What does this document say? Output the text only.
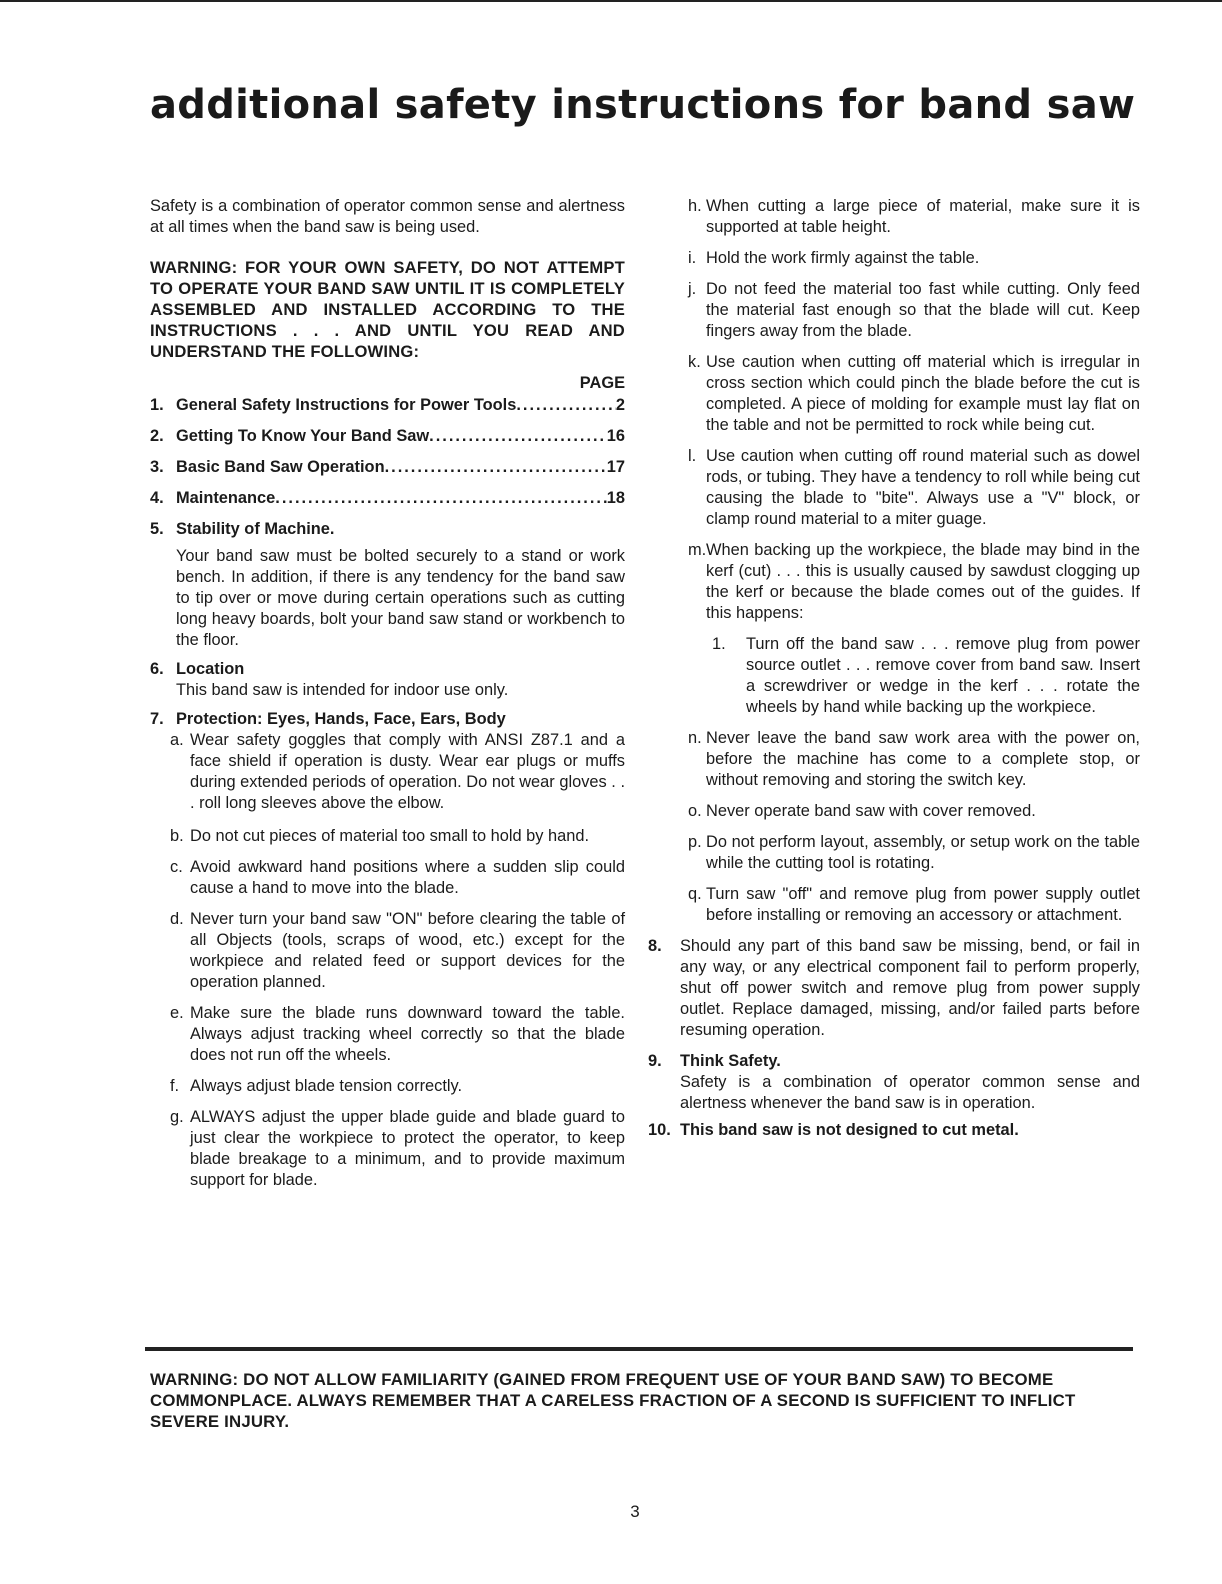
additional safety instructions for band saw

Safety is a combination of operator common sense and alertness at all times when the band saw is being used.

WARNING: FOR YOUR OWN SAFETY, DO NOT ATTEMPT TO OPERATE YOUR BAND SAW UNTIL IT IS COMPLETELY ASSEMBLED AND INSTALLED ACCORDING TO THE INSTRUCTIONS . . . AND UNTIL YOU READ AND UNDERSTAND THE FOLLOWING:

PAGE
1. General Safety Instructions for Power Tools .....	2
2. Getting To Know Your Band Saw .....	16
3. Basic Band Saw Operation .....	17
4. Maintenance .....	18
5. Stability of Machine.

Your band saw must be bolted securely to a stand or work bench. In addition, if there is any tendency for the band saw to tip over or move during certain operations such as cutting long heavy boards, bolt your band saw stand or workbench to the floor.

6. Location

This band saw is intended for indoor use only.

7. Protection: Eyes, Hands, Face, Ears, Body
a. Wear safety goggles that comply with ANSI Z87.1 and a face shield if operation is dusty. Wear ear plugs or muffs during extended periods of operation. Do not wear gloves . . . roll long sleeves above the elbow.
b. Do not cut pieces of material too small to hold by hand.
c. Avoid awkward hand positions where a sudden slip could cause a hand to move into the blade.
d. Never turn your band saw "ON" before clearing the table of all Objects (tools, scraps of wood, etc.) except for the workpiece and related feed or support devices for the operation planned.
e. Make sure the blade runs downward toward the table. Always adjust tracking wheel correctly so that the blade does not run off the wheels.
f. Always adjust blade tension correctly.
g. ALWAYS adjust the upper blade guide and blade guard to just clear the workpiece to protect the operator, to keep blade breakage to a minimum, and to provide maximum support for blade.
h. When cutting a large piece of material, make sure it is supported at table height.
i. Hold the work firmly against the table.
j. Do not feed the material too fast while cutting. Only feed the material fast enough so that the blade will cut. Keep fingers away from the blade.
k. Use caution when cutting off material which is irregular in cross section which could pinch the blade before the cut is completed. A piece of molding for example must lay flat on the table and not be permitted to rock while being cut.
l. Use caution when cutting off round material such as dowel rods, or tubing. They have a tendency to roll while being cut causing the blade to "bite". Always use a "V" block, or clamp round material to a miter guage.
m. When backing up the workpiece, the blade may bind in the kerf (cut) . . . this is usually caused by sawdust clogging up the kerf or because the blade comes out of the guides. If this happens:
1. Turn off the band saw . . . remove plug from power source outlet . . . remove cover from band saw. Insert a screwdriver or wedge in the kerf . . . rotate the wheels by hand while backing up the workpiece.
n. Never leave the band saw work area with the power on, before the machine has come to a complete stop, or without removing and storing the switch key.
o. Never operate band saw with cover removed.
p. Do not perform layout, assembly, or setup work on the table while the cutting tool is rotating.
q. Turn saw "off" and remove plug from power supply outlet before installing or removing an accessory or attachment.
8. Should any part of this band saw be missing, bend, or fail in any way, or any electrical component fail to perform properly, shut off power switch and remove plug from power supply outlet. Replace damaged, missing, and/or failed parts before resuming operation.
9. Think Safety.
Safety is a combination of operator common sense and alertness whenever the band saw is in operation.
10. This band saw is not designed to cut metal.

WARNING: DO NOT ALLOW FAMILIARITY (GAINED FROM FREQUENT USE OF YOUR BAND SAW) TO BECOME COMMONPLACE. ALWAYS REMEMBER THAT A CARELESS FRACTION OF A SECOND IS SUFFICIENT TO INFLICT SEVERE INJURY.

3
